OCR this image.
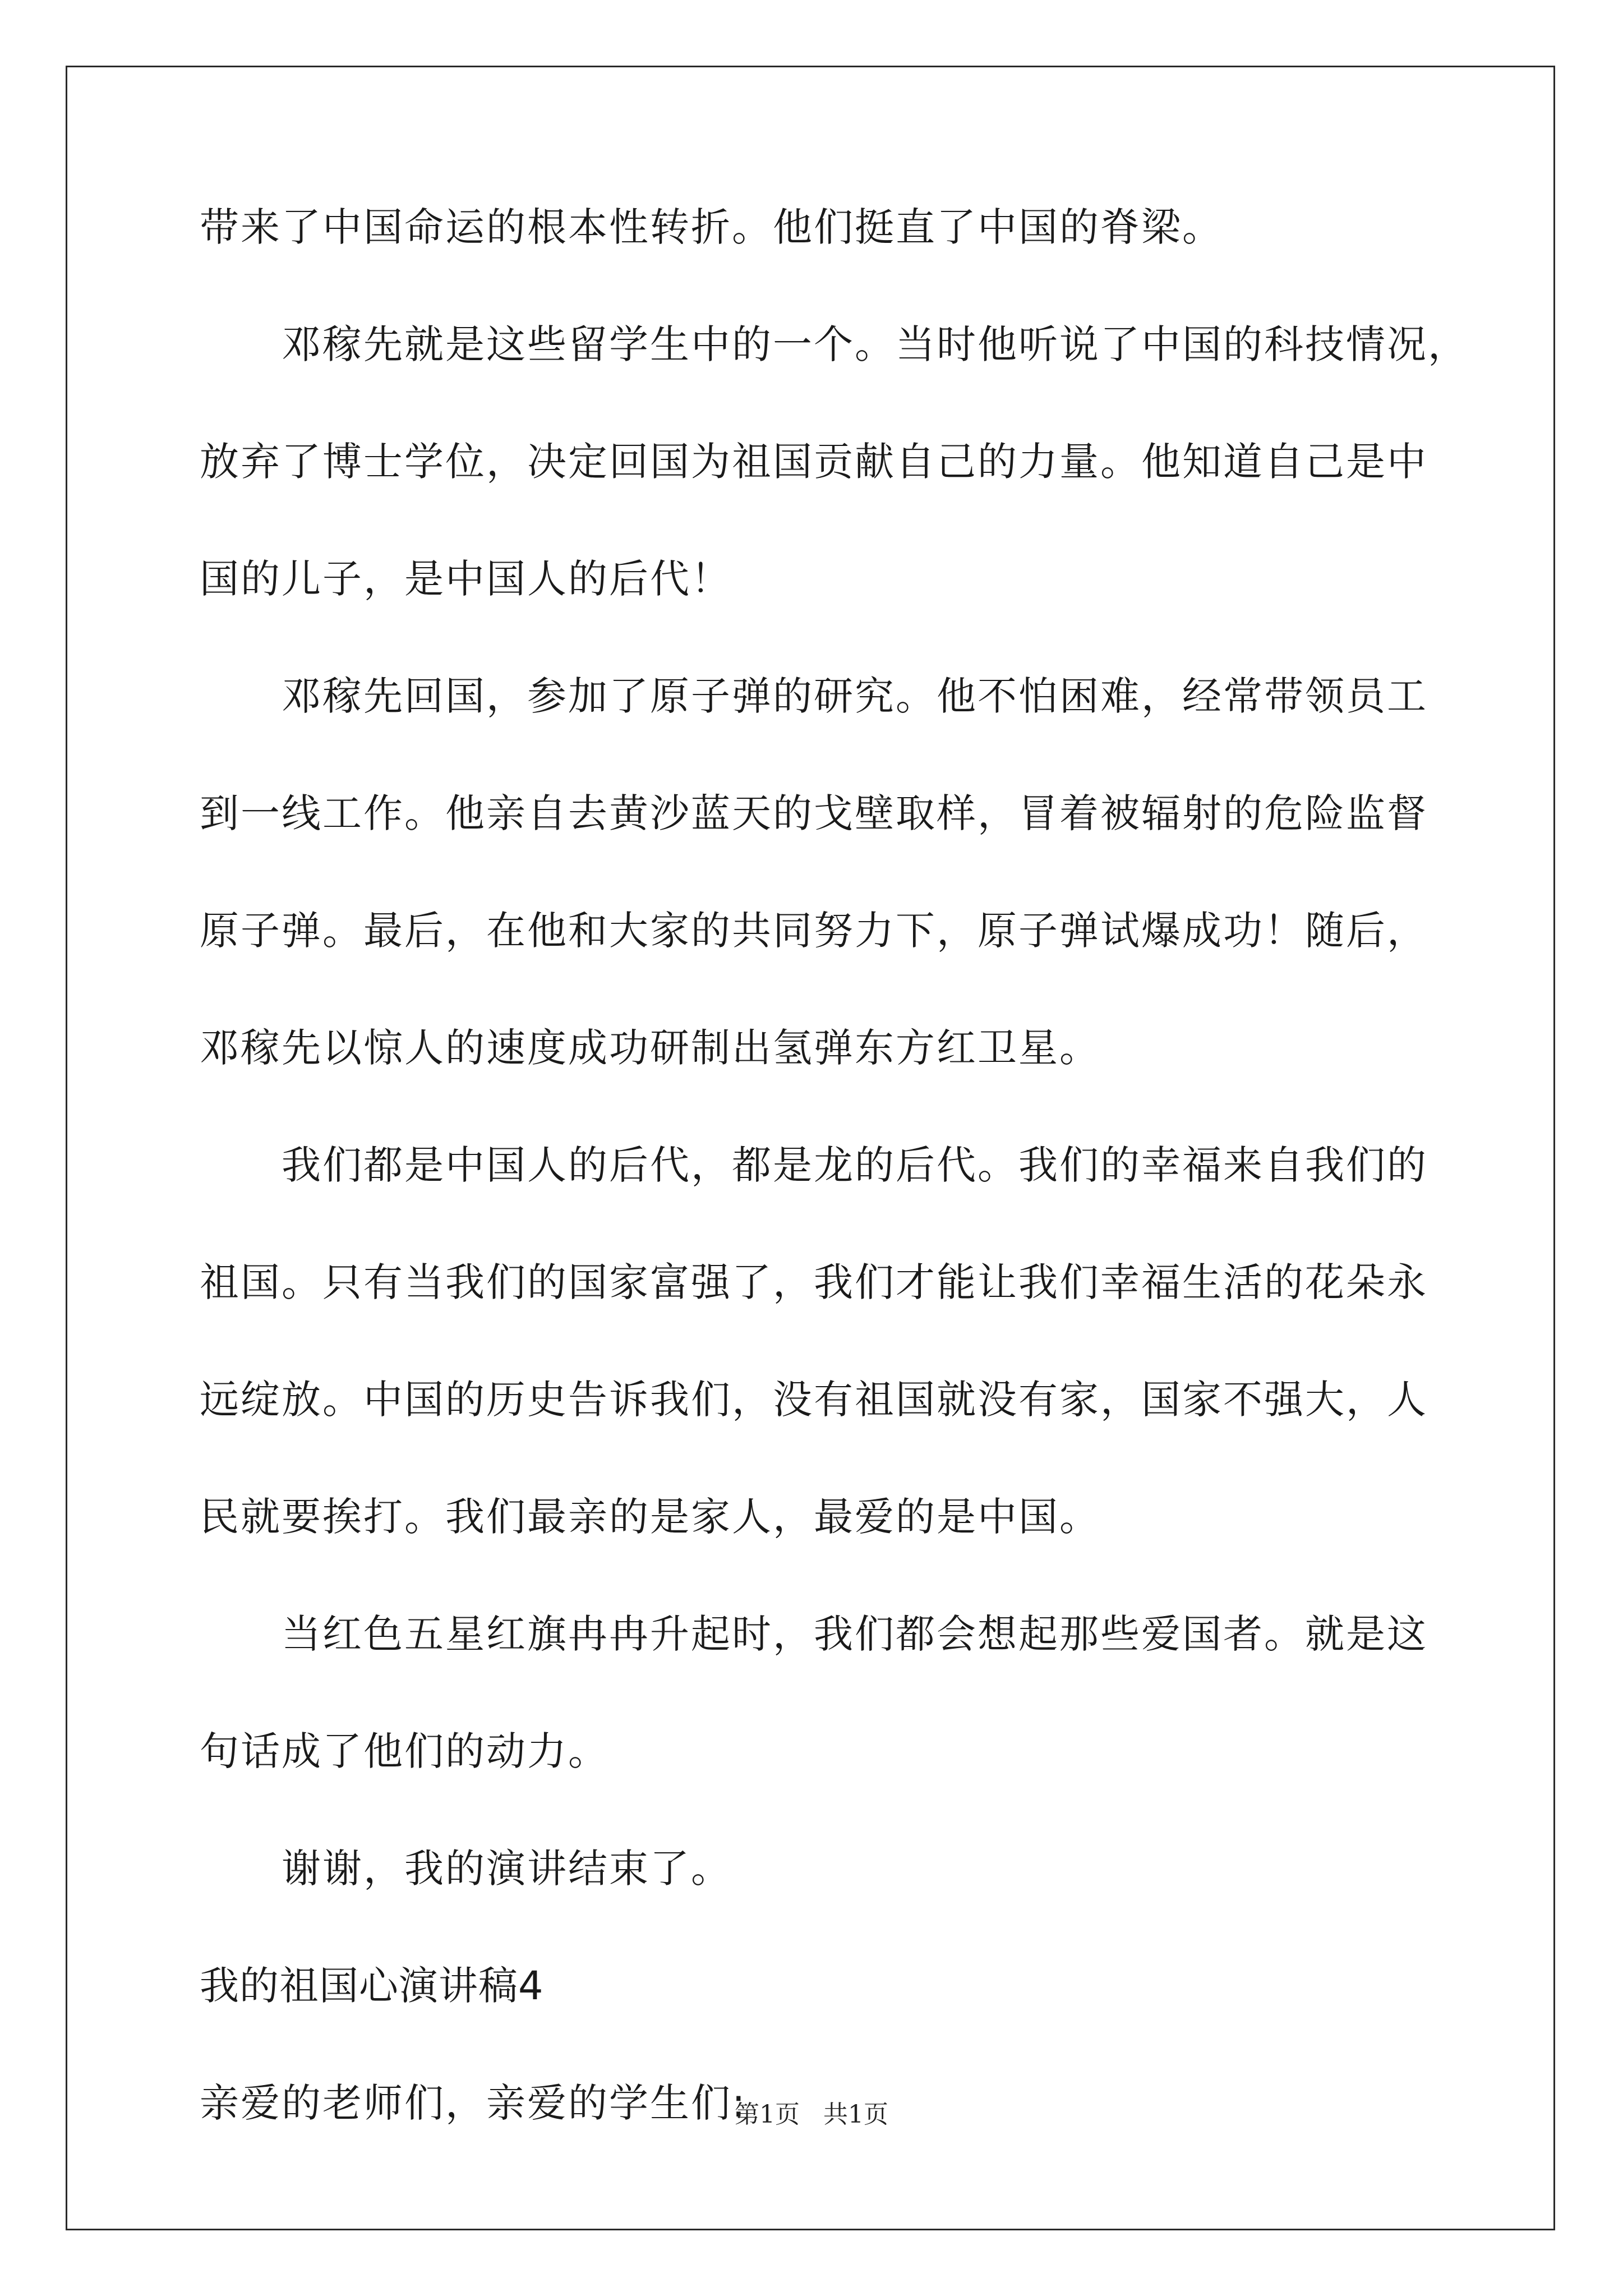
带来了中国命运的根本性转折。他们挺直了中国的脊梁。
邓稼先就是这些留学生中的一个。当时他听说了中国的科技情况，
放弃了博士学位，决定回国为祖国贡献自己的力量。他知道自己是中
国的儿子，是中国人的后代！
邓稼先回国，参加了原子弹的研究。他不怕困难，经常带领员工
到一线工作。他亲自去黄沙蓝天的戈壁取样，冒着被辐射的危险监督
原子弹。最后，在他和大家的共同努力下，原子弹试爆成功！随后，
邓稼先以惊人的速度成功研制出氢弹东方红卫星。
我们都是中国人的后代，都是龙的后代。我们的幸福来自我们的
祖国。只有当我们的国家富强了，我们才能让我们幸福生活的花朵永
远绽放。中国的历史告诉我们，没有祖国就没有家，国家不强大，人
民就要挨打。我们最亲的是家人，最爱的是中国。
当红色五星红旗冉冉升起时，我们都会想起那些爱国者。就是这
句话成了他们的动力。
谢谢，我的演讲结束了。
我的祖国心演讲稿4
亲爱的老师们，亲爱的学生们:
第1页 共1页
